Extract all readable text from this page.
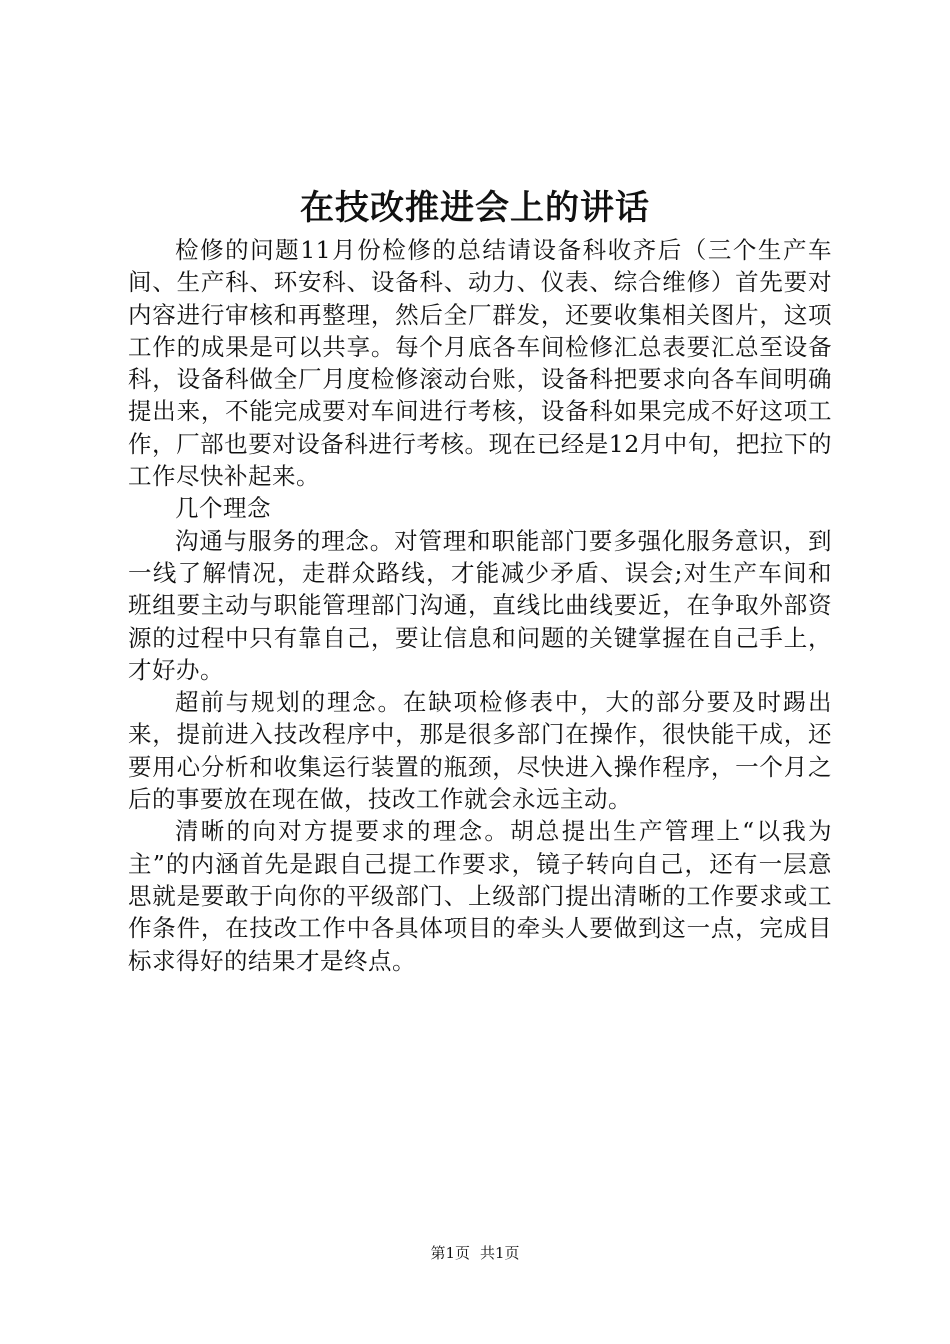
在技改推进会上的讲话

检修的问题11月份检修的总结请设备科收齐后（三个生产车间、生产科、环安科、设备科、动力、仪表、综合维修）首先要对内容进行审核和再整理，然后全厂群发，还要收集相关图片，这项工作的成果是可以共享。每个月底各车间检修汇总表要汇总至设备科，设备科做全厂月度检修滚动台账，设备科把要求向各车间明确提出来，不能完成要对车间进行考核，设备科如果完成不好这项工作，厂部也要对设备科进行考核。现在已经是12月中旬，把拉下的工作尽快补起来。

几个理念

沟通与服务的理念。对管理和职能部门要多强化服务意识，到一线了解情况，走群众路线，才能减少矛盾、误会;对生产车间和班组要主动与职能管理部门沟通，直线比曲线要近，在争取外部资源的过程中只有靠自己，要让信息和问题的关键掌握在自己手上，才好办。

超前与规划的理念。在缺项检修表中，大的部分要及时踢出来，提前进入技改程序中，那是很多部门在操作，很快能干成，还要用心分析和收集运行装置的瓶颈，尽快进入操作程序，一个月之后的事要放在现在做，技改工作就会永远主动。

清晰的向对方提要求的理念。胡总提出生产管理上“以我为主”的内涵首先是跟自己提工作要求，镜子转向自己，还有一层意思就是要敢于向你的平级部门、上级部门提出清晰的工作要求或工作条件，在技改工作中各具体项目的牵头人要做到这一点，完成目标求得好的结果才是终点。

第1页 共1页
